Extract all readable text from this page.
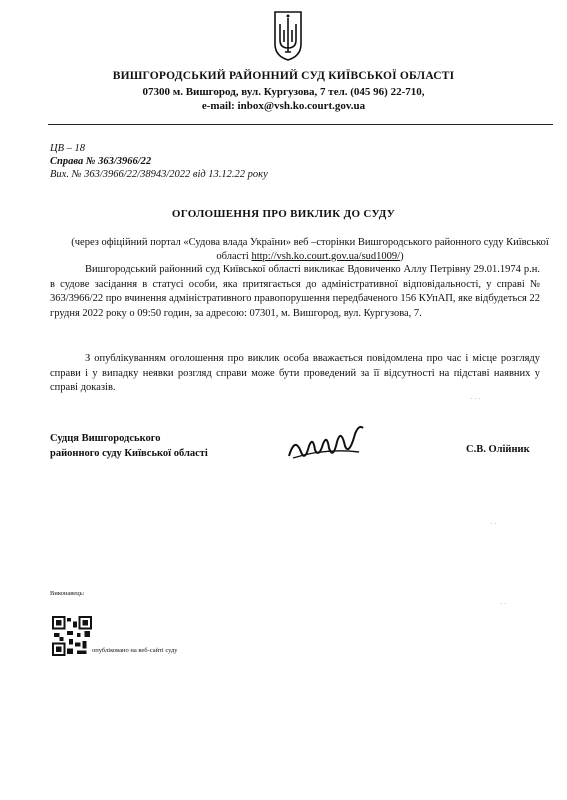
ВИШГОРОДСЬКИЙ РАЙОННИЙ СУД КИЇВСЬКОЇ ОБЛАСТІ
07300 м. Вишгород, вул. Кургузова, 7 тел. (045 96) 22-710,
e-mail: inbox@vsh.ko.court.gov.ua
ЦВ – 18
Справа № 363/3966/22
Вих. № 363/3966/22/38943/2022 від 13.12.22 року
ОГОЛОШЕННЯ ПРО ВИКЛИК ДО СУДУ
(через офіційний портал «Судова влада України» веб –сторінки Вишгородського районного суду Київської області http://vsh.ko.court.gov.ua/sud1009/)
Вишгородський районний суд Київської області викликає Вдовиченко Аллу Петрівну 29.01.1974 р.н. в судове засідання в статусі особи, яка притягається до адміністративної відповідальності, у справі № 363/3966/22 про вчинення адміністративного правопорушення передбаченого 156 КУпАП, яке відбудеться 22 грудня 2022 року о 09:50 годин, за адресою: 07301, м. Вишгород, вул. Кургузова, 7.
З опублікуванням оголошення про виклик особа вважається повідомлена про час і місце розгляду справи і у випадку неявки розгляд справи може бути проведений за її відсутності на підставі наявних у справі доказів.
Судця Вишгородського
районного суду Київської області	С.В. Олійник
Виконавець:
опубліковано на веб-сайті суду
· · ·
· ·
· ·
